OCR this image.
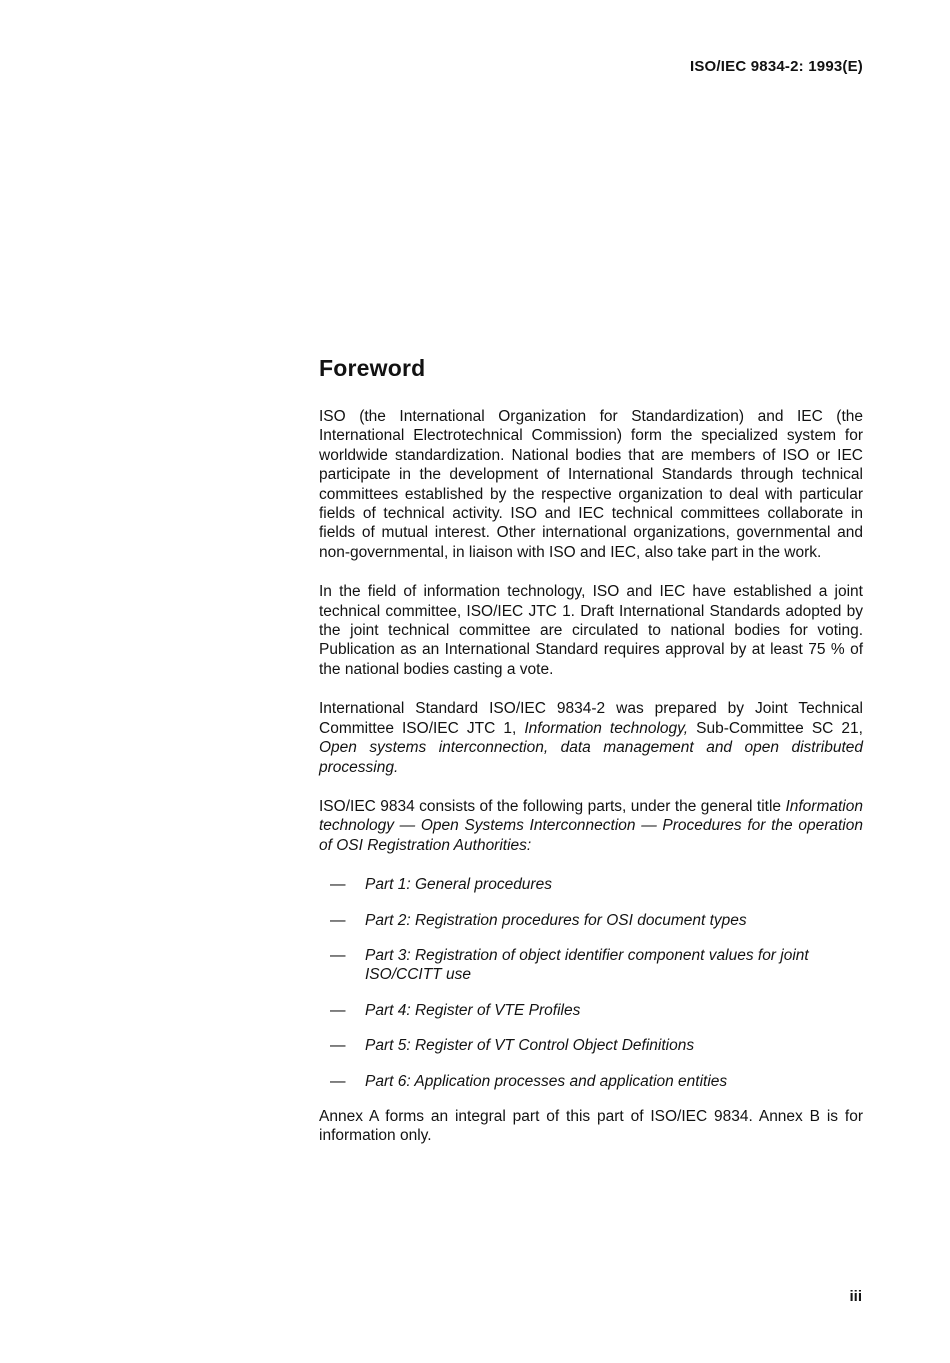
ISO/IEC 9834-2: 1993(E)
Foreword

ISO (the International Organization for Standardization) and IEC (the International Electrotechnical Commission) form the specialized system for worldwide standardization. National bodies that are members of ISO or IEC participate in the development of International Standards through technical committees established by the respective organization to deal with particular fields of technical activity. ISO and IEC technical committees collaborate in fields of mutual interest. Other international organizations, governmental and non-governmental, in liaison with ISO and IEC, also take part in the work.

In the field of information technology, ISO and IEC have established a joint technical committee, ISO/IEC JTC 1. Draft International Standards adopted by the joint technical committee are circulated to national bodies for voting. Publication as an International Standard requires approval by at least 75 % of the national bodies casting a vote.

International Standard ISO/IEC 9834-2 was prepared by Joint Technical Committee ISO/IEC JTC 1, Information technology, Sub-Committee SC 21, Open systems interconnection, data management and open distributed processing.

ISO/IEC 9834 consists of the following parts, under the general title Information technology — Open Systems Interconnection — Procedures for the operation of OSI Registration Authorities:

—	Part 1: General procedures
—	Part 2: Registration procedures for OSI document types
—	Part 3: Registration of object identifier component values for joint ISO/CCITT use
—	Part 4: Register of VTE Profiles
—	Part 5: Register of VT Control Object Definitions
—	Part 6: Application processes and application entities

Annex A forms an integral part of this part of ISO/IEC 9834. Annex B is for information only.

iii
